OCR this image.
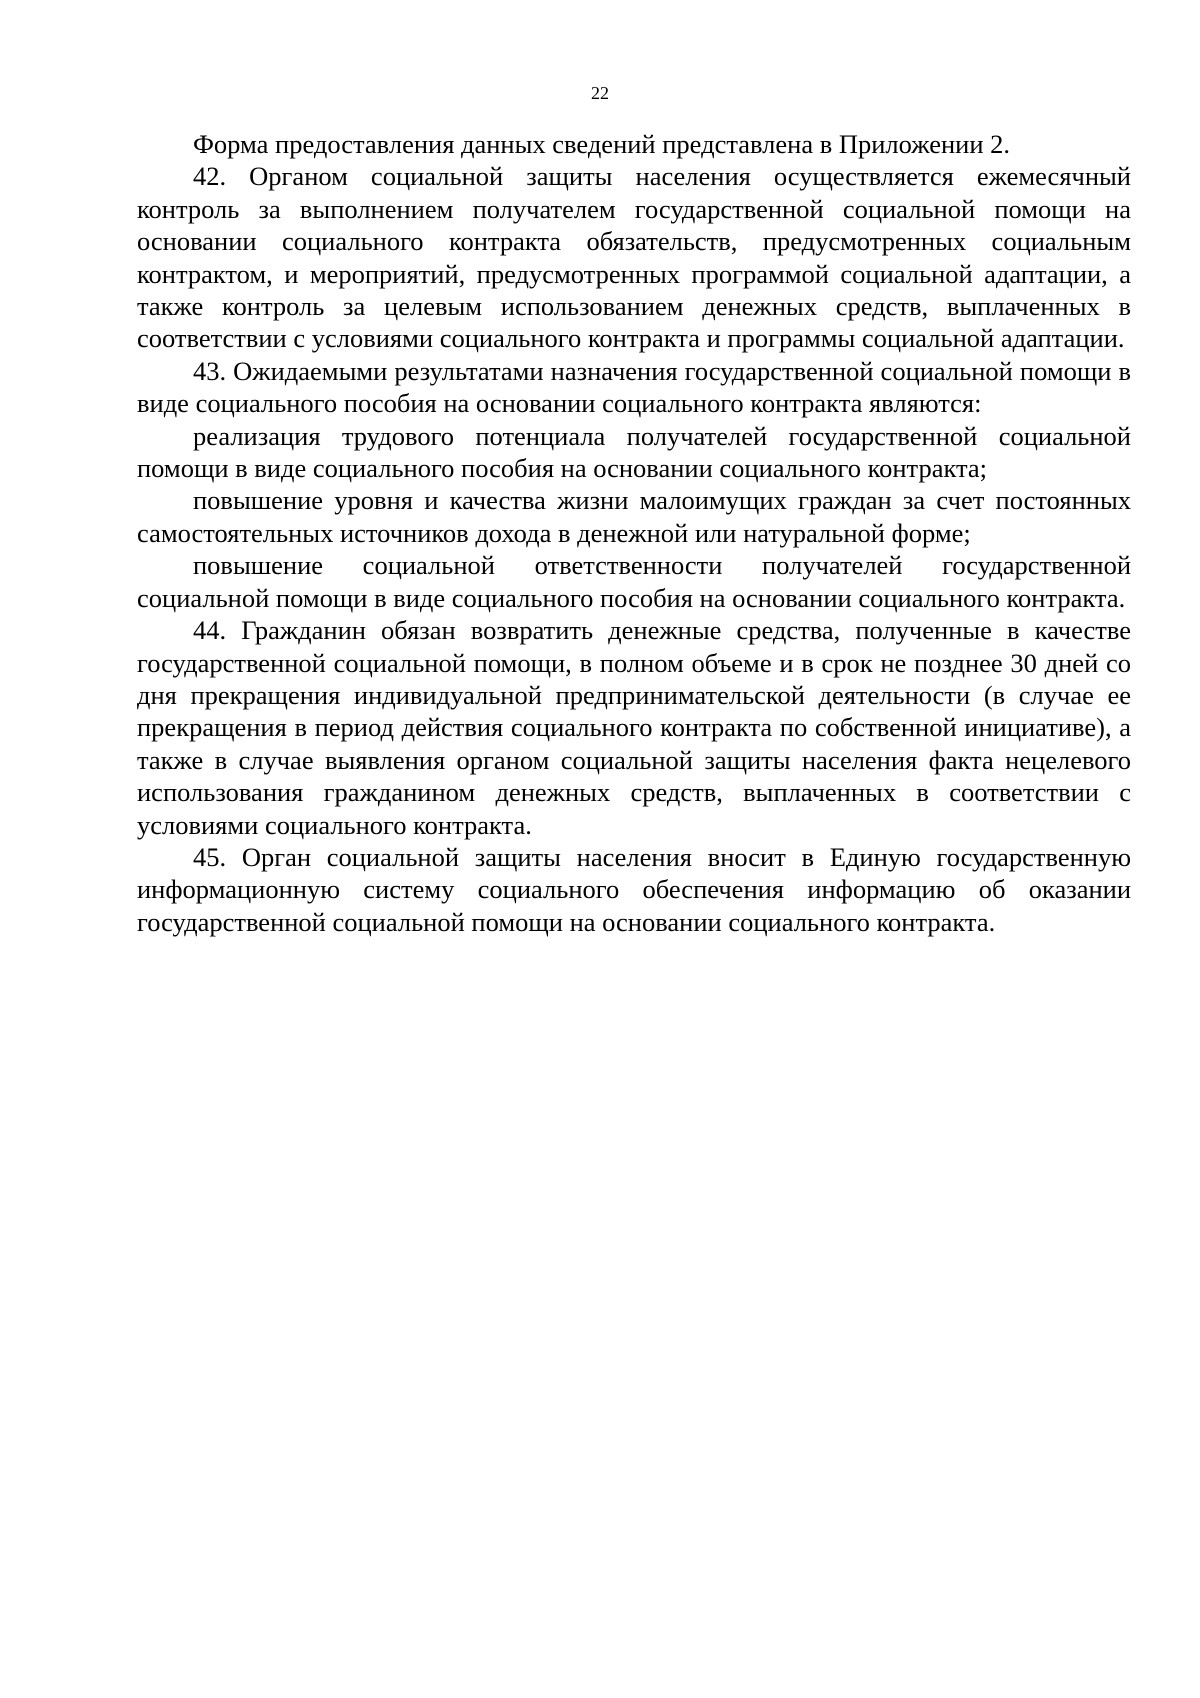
22

Форма предоставления данных сведений представлена в Приложении 2.

42. Органом социальной защиты населения осуществляется ежемесячный контроль за выполнением получателем государственной социальной помощи на основании социального контракта обязательств, предусмотренных социальным контрактом, и мероприятий, предусмотренных программой социальной адаптации, а также контроль за целевым использованием денежных средств, выплаченных в соответствии с условиями социального контракта и программы социальной адаптации.

43. Ожидаемыми результатами назначения государственной социальной помощи в виде социального пособия на основании социального контракта являются:

реализация трудового потенциала получателей государственной социальной помощи в виде социального пособия на основании социального контракта;

повышение уровня и качества жизни малоимущих граждан за счет постоянных самостоятельных источников дохода в денежной или натуральной форме;

повышение социальной ответственности получателей государственной социальной помощи в виде социального пособия на основании социального контракта.

44. Гражданин обязан возвратить денежные средства, полученные в качестве государственной социальной помощи, в полном объеме и в срок не позднее 30 дней со дня прекращения индивидуальной предпринимательской деятельности (в случае ее прекращения в период действия социального контракта по собственной инициативе), а также в случае выявления органом социальной защиты населения факта нецелевого использования гражданином денежных средств, выплаченных в соответствии с условиями социального контракта.

45. Орган социальной защиты населения вносит в Единую государственную информационную систему социального обеспечения информацию об оказании государственной социальной помощи на основании социального контракта.
